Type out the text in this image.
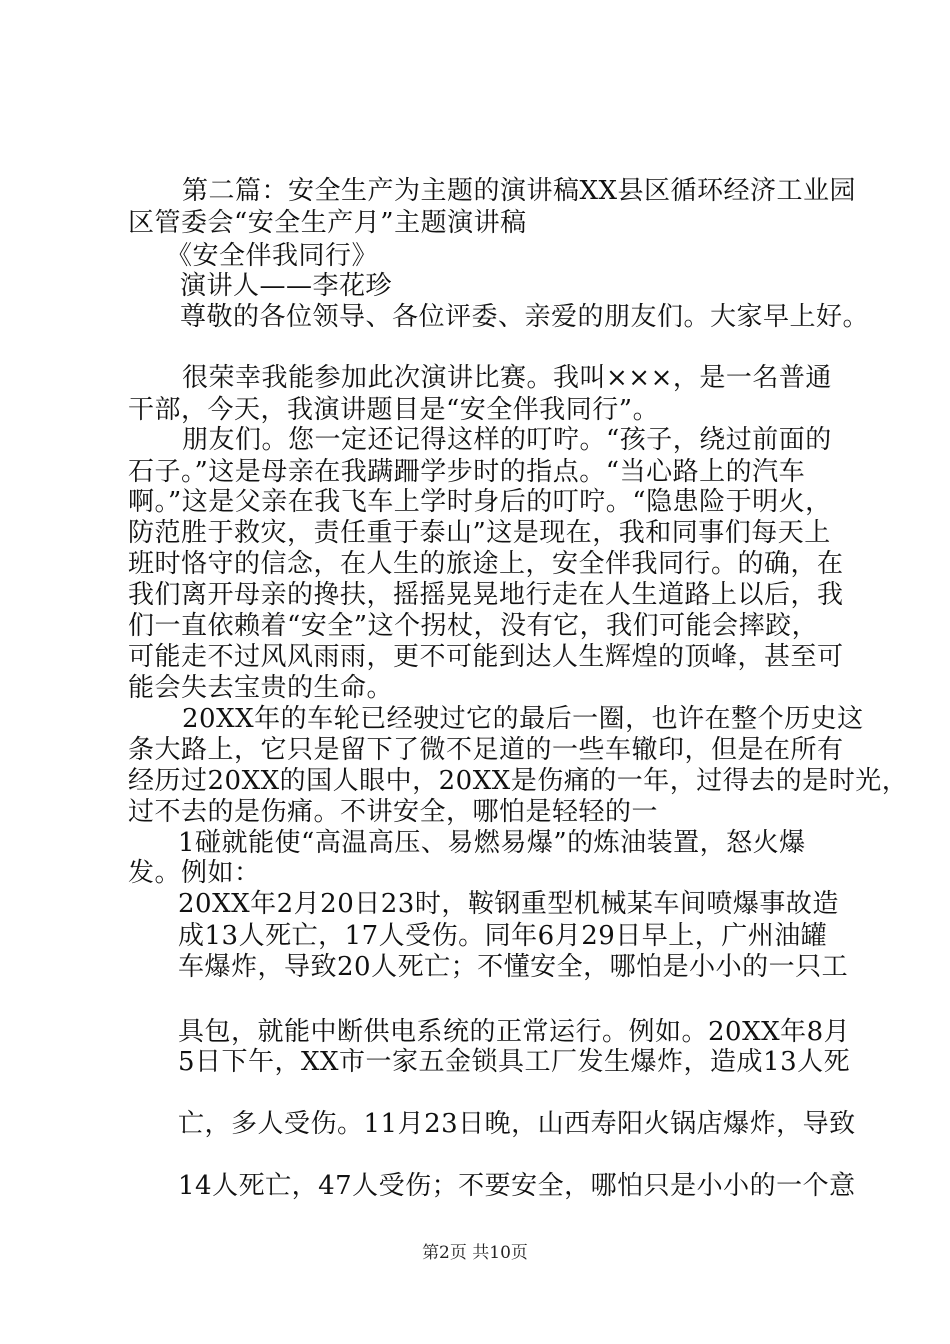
第二篇：安全生产为主题的演讲稿XX县区循环经济工业园
区管委会“安全生产月”主题演讲稿
《安全伴我同行》
演讲人——李花珍
尊敬的各位领导、各位评委、亲爱的朋友们。大家早上好。
很荣幸我能参加此次演讲比赛。我叫×××，是一名普通
干部，今天，我演讲题目是“安全伴我同行”。
朋友们。您一定还记得这样的叮咛。“孩子，绕过前面的
石子。”这是母亲在我蹒跚学步时的指点。“当心路上的汽车
啊。”这是父亲在我飞车上学时身后的叮咛。“隐患险于明火，
防范胜于救灾，责任重于泰山”这是现在，我和同事们每天上
班时恪守的信念，在人生的旅途上，安全伴我同行。的确，在
我们离开母亲的搀扶，摇摇晃晃地行走在人生道路上以后，我
们一直依赖着“安全”这个拐杖，没有它，我们可能会摔跤，
可能走不过风风雨雨，更不可能到达人生辉煌的顶峰，甚至可
能会失去宝贵的生命。
20XX年的车轮已经驶过它的最后一圈，也许在整个历史这
条大路上，它只是留下了微不足道的一些车辙印，但是在所有
经历过20XX的国人眼中，20XX是伤痛的一年，过得去的是时光，
过不去的是伤痛。不讲安全，哪怕是轻轻的一
1碰就能使“高温高压、易燃易爆”的炼油装置，怒火爆
发。例如：
20XX年2月20日23时，鞍钢重型机械某车间喷爆事故造
成13人死亡，17人受伤。同年6月29日早上，广州油罐
车爆炸，导致20人死亡；不懂安全，哪怕是小小的一只工
具包，就能中断供电系统的正常运行。例如。20XX年8月
5日下午，XX市一家五金锁具工厂发生爆炸，造成13人死
亡，多人受伤。11月23日晚，山西寿阳火锅店爆炸，导致
14人死亡，47人受伤；不要安全，哪怕只是小小的一个意
第2页 共10页
